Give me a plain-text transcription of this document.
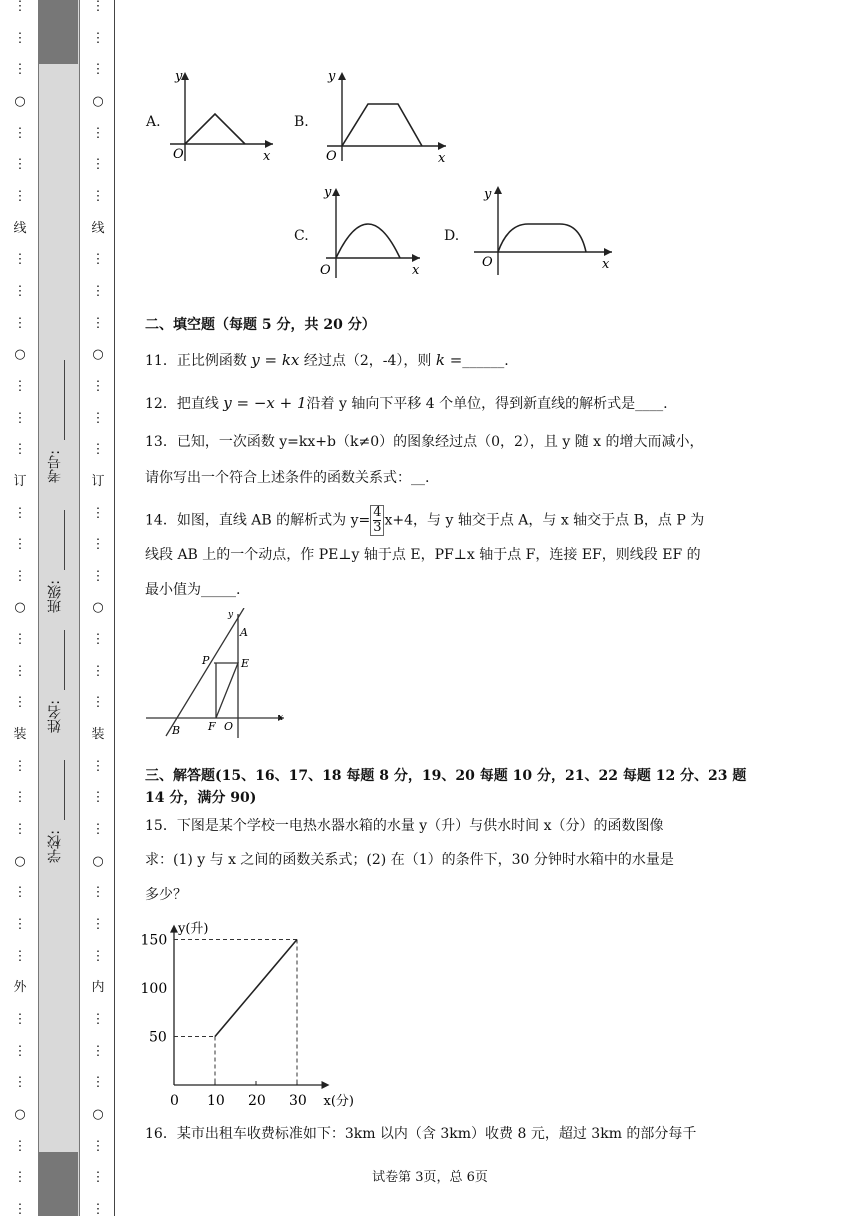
⋮
⋮
⋮
○
⋮
⋮
⋮
线
⋮
⋮
⋮
○
⋮
⋮
⋮
订
⋮
⋮
⋮
○
⋮
⋮
⋮
装
⋮
⋮
⋮
○
⋮
⋮
⋮
外
⋮
⋮
⋮
○
⋮
⋮
⋮
学校:
姓名:
班级:
考号:
⋮
⋮
⋮
○
⋮
⋮
⋮
线
⋮
⋮
⋮
○
⋮
⋮
⋮
订
⋮
⋮
⋮
○
⋮
⋮
⋮
装
⋮
⋮
⋮
○
⋮
⋮
⋮
内
⋮
⋮
⋮
○
⋮
⋮
⋮
A.
O	x
y
B.
O	x
y
C.
O	x
y
D.
O	x
y
二、填空题（每题 5 分，共 20 分）
11．正比例函数 y = kx 经过点（2，-4），则 k =______.
12．把直线 y = −x + 1沿着 y 轴向下平移 4 个单位，得到新直线的解析式是____.
13．已知，一次函数 y=kx+b（k≠0）的图象经过点（0，2），且 y 随 x 的增大而减小，
请你写出一个符合上述条件的函数关系式：__.
14．如图，直线 AB 的解析式为 $y= \frac{4}{3} x+4$，与 y 轴交于点 A，与 x 轴交于点 B，点 P 为
线段 AB 上的一个动点，作 PE⊥y 轴于点 E，PF⊥x 轴于点 F，连接 EF，则线段 EF 的
最小值为_____.
A
E
P
F O
B
x
y
三、解答题(15、16、17、18 每题 8 分，19、20 每题 10 分，21、22 每题 12 分、23 题
14 分，满分 90)
15．下图是某个学校一电热水器水箱的水量 y（升）与供水时间 x（分）的函数图像
求：(1) y 与 x 之间的函数关系式；(2) 在（1）的条件下，30 分钟时水箱中的水量是
多少？
0 10 20 30
50
100
150
x(分)
y(升)
16．某市出租车收费标准如下：3km 以内（含 3km）收费 8 元，超过 3km 的部分每千
试卷第 3页，总 6页
